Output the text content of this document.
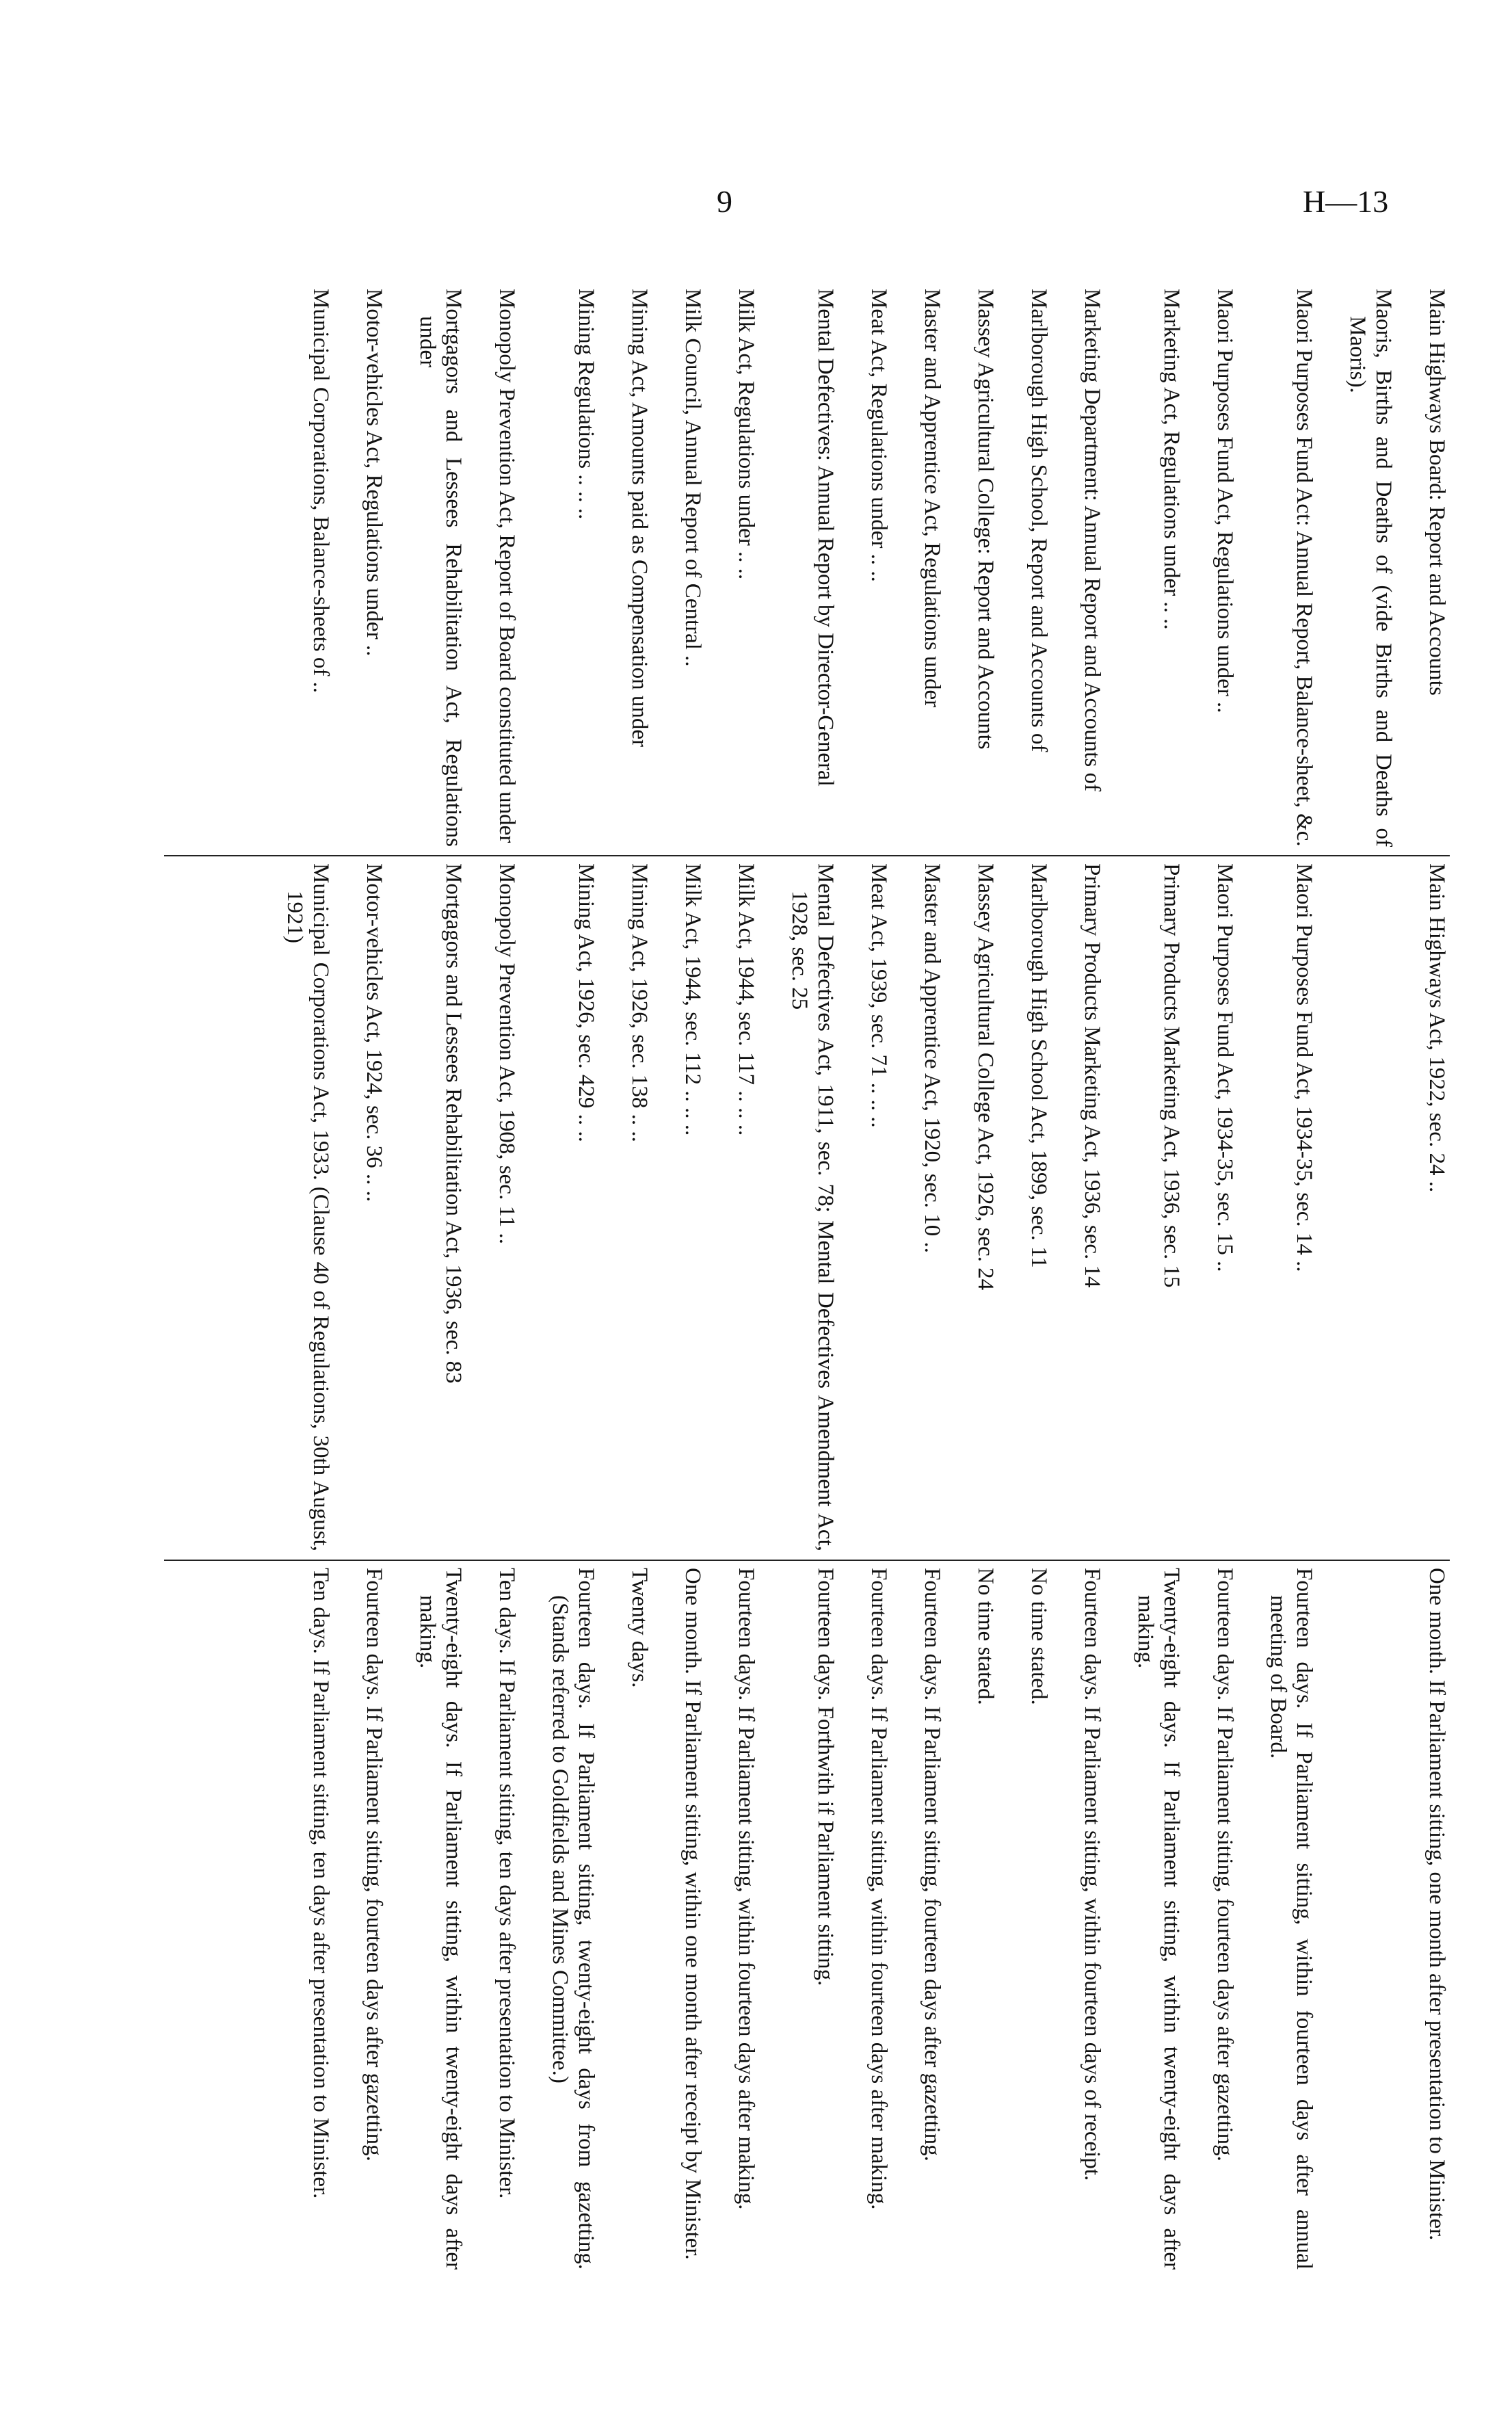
9	H—13
Main Highways Board: Report and Accounts	Main Highways Act, 1922, sec. 24 ..	One month. If Parliament sitting, one month after presentation to Minister.

Maoris, Births and Deaths of (vide Births and Deaths of Maoris).		

Maori Purposes Fund Act: Annual Report, Balance-sheet, &c.	Maori Purposes Fund Act, 1934-35, sec. 14 ..	Fourteen days. If Parliament sitting, within fourteen days after annual meeting of Board.

Maori Purposes Fund Act, Regulations under ..	Maori Purposes Fund Act, 1934-35, sec. 15 ..	Fourteen days. If Parliament sitting, fourteen days after gazetting.

Marketing Act, Regulations under .. ..	Primary Products Marketing Act, 1936, sec. 15	Twenty-eight days. If Parliament sitting, within twenty-eight days after making.

Marketing Department: Annual Report and Accounts of	Primary Products Marketing Act, 1936, sec. 14	Fourteen days. If Parliament sitting, within fourteen days of receipt.

Marlborough High School, Report and Accounts of	Marlborough High School Act, 1899, sec. 11	No time stated.

Massey Agricultural College: Report and Accounts	Massey Agricultural College Act, 1926, sec. 24	No time stated.

Master and Apprentice Act, Regulations under	Master and Apprentice Act, 1920, sec. 10 ..	Fourteen days. If Parliament sitting, fourteen days after gazetting.

Meat Act, Regulations under .. ..	Meat Act, 1939, sec. 71 .. .. ..	Fourteen days. If Parliament sitting, within fourteen days after making.

Mental Defectives: Annual Report by Director-General	Mental Defectives Act, 1911, sec. 78; Mental Defectives Amendment Act, 1928, sec. 25	Fourteen days. Forthwith if Parliament sitting.

Milk Act, Regulations under .. ..	Milk Act, 1944, sec. 117 .. .. ..	Fourteen days. If Parliament sitting, within fourteen days after making.

Milk Council, Annual Report of Central ..	Milk Act, 1944, sec. 112 .. .. ..	One month. If Parliament sitting, within one month after receipt by Minister.

Mining Act, Amounts paid as Compensation under	Mining Act, 1926, sec. 138 .. ..	Twenty days.

Mining Regulations .. .. ..	Mining Act, 1926, sec. 429 .. ..	Fourteen days. If Parliament sitting, twenty-eight days from gazetting. (Stands referred to Goldfields and Mines Committee.)

Monopoly Prevention Act, Report of Board constituted under	Monopoly Prevention Act, 1908, sec. 11 ..	Ten days. If Parliament sitting, ten days after presentation to Minister.

Mortgagors and Lessees Rehabilitation Act, Regulations under	Mortgagors and Lessees Rehabilitation Act, 1936, sec. 83	Twenty-eight days. If Parliament sitting, within twenty-eight days after making.

Motor-vehicles Act, Regulations under ..	Motor-vehicles Act, 1924, sec. 36 .. ..	Fourteen days. If Parliament sitting, fourteen days after gazetting.

Municipal Corporations, Balance-sheets of ..	Municipal Corporations Act, 1933. (Clause 40 of Regulations, 30th August, 1921)	Ten days. If Parliament sitting, ten days after presentation to Minister.
